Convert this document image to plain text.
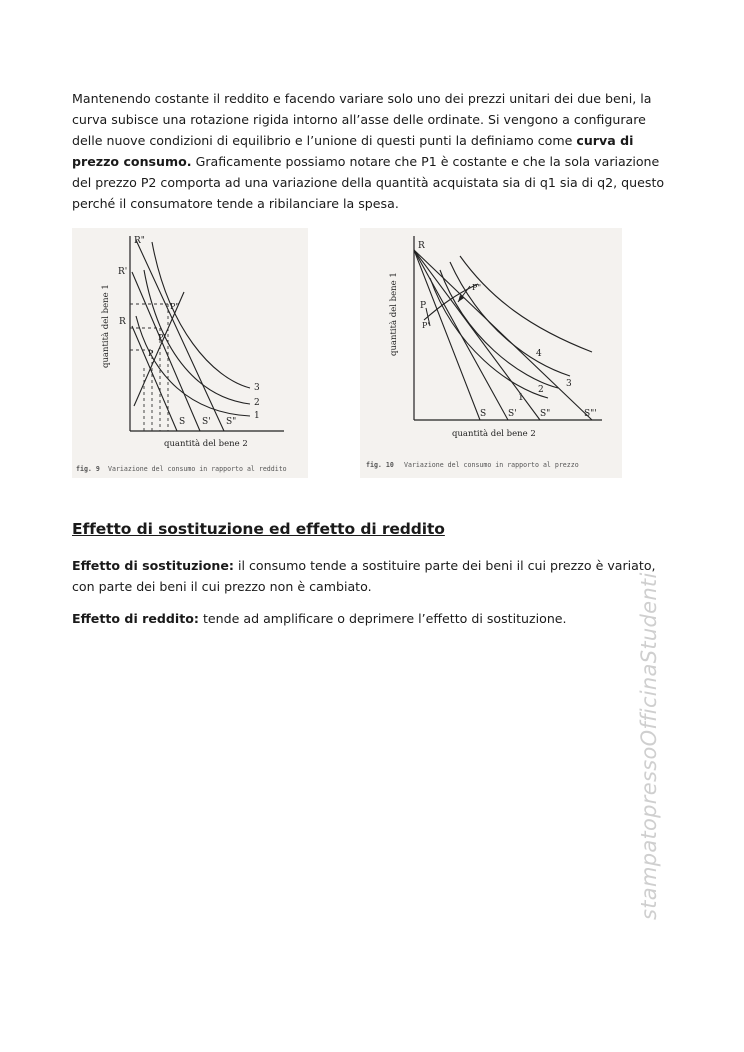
Mantenendo costante il reddito e facendo variare solo uno dei prezzi unitari dei due beni, la curva subisce una rotazione rigida intorno all’asse delle ordinate. Si vengono a configurare delle nuove condizioni di equilibrio e l’unione di questi punti la definiamo come curva di prezzo consumo. Graficamente possiamo notare che P1 è costante e che la sola variazione del prezzo P2 comporta ad una variazione della quantità acquistata sia di q1 sia di q2, questo perché il consumatore tende a ribilanciare la spesa.

R"
R'
R
P"
P'
P
S S' S"
1
2
3
quantità del bene 1
quantità del bene 2
fig. 9 Variazione del consumo in rapporto al reddito
R
P"
P
P'
S S'	S"	S"'
1
2
3
4
quantità del bene 1
quantità del bene 2
fig. 10 Variazione del consumo in rapporto al prezzo
Effetto di sostituzione ed effetto di reddito

Effetto di sostituzione: il consumo tende a sostituire parte dei beni il cui prezzo è variato, con parte dei beni il cui prezzo non è cambiato.

Effetto di reddito: tende ad amplificare o deprimere l’effetto di sostituzione.	stampatopressoOfficinaStudenti
